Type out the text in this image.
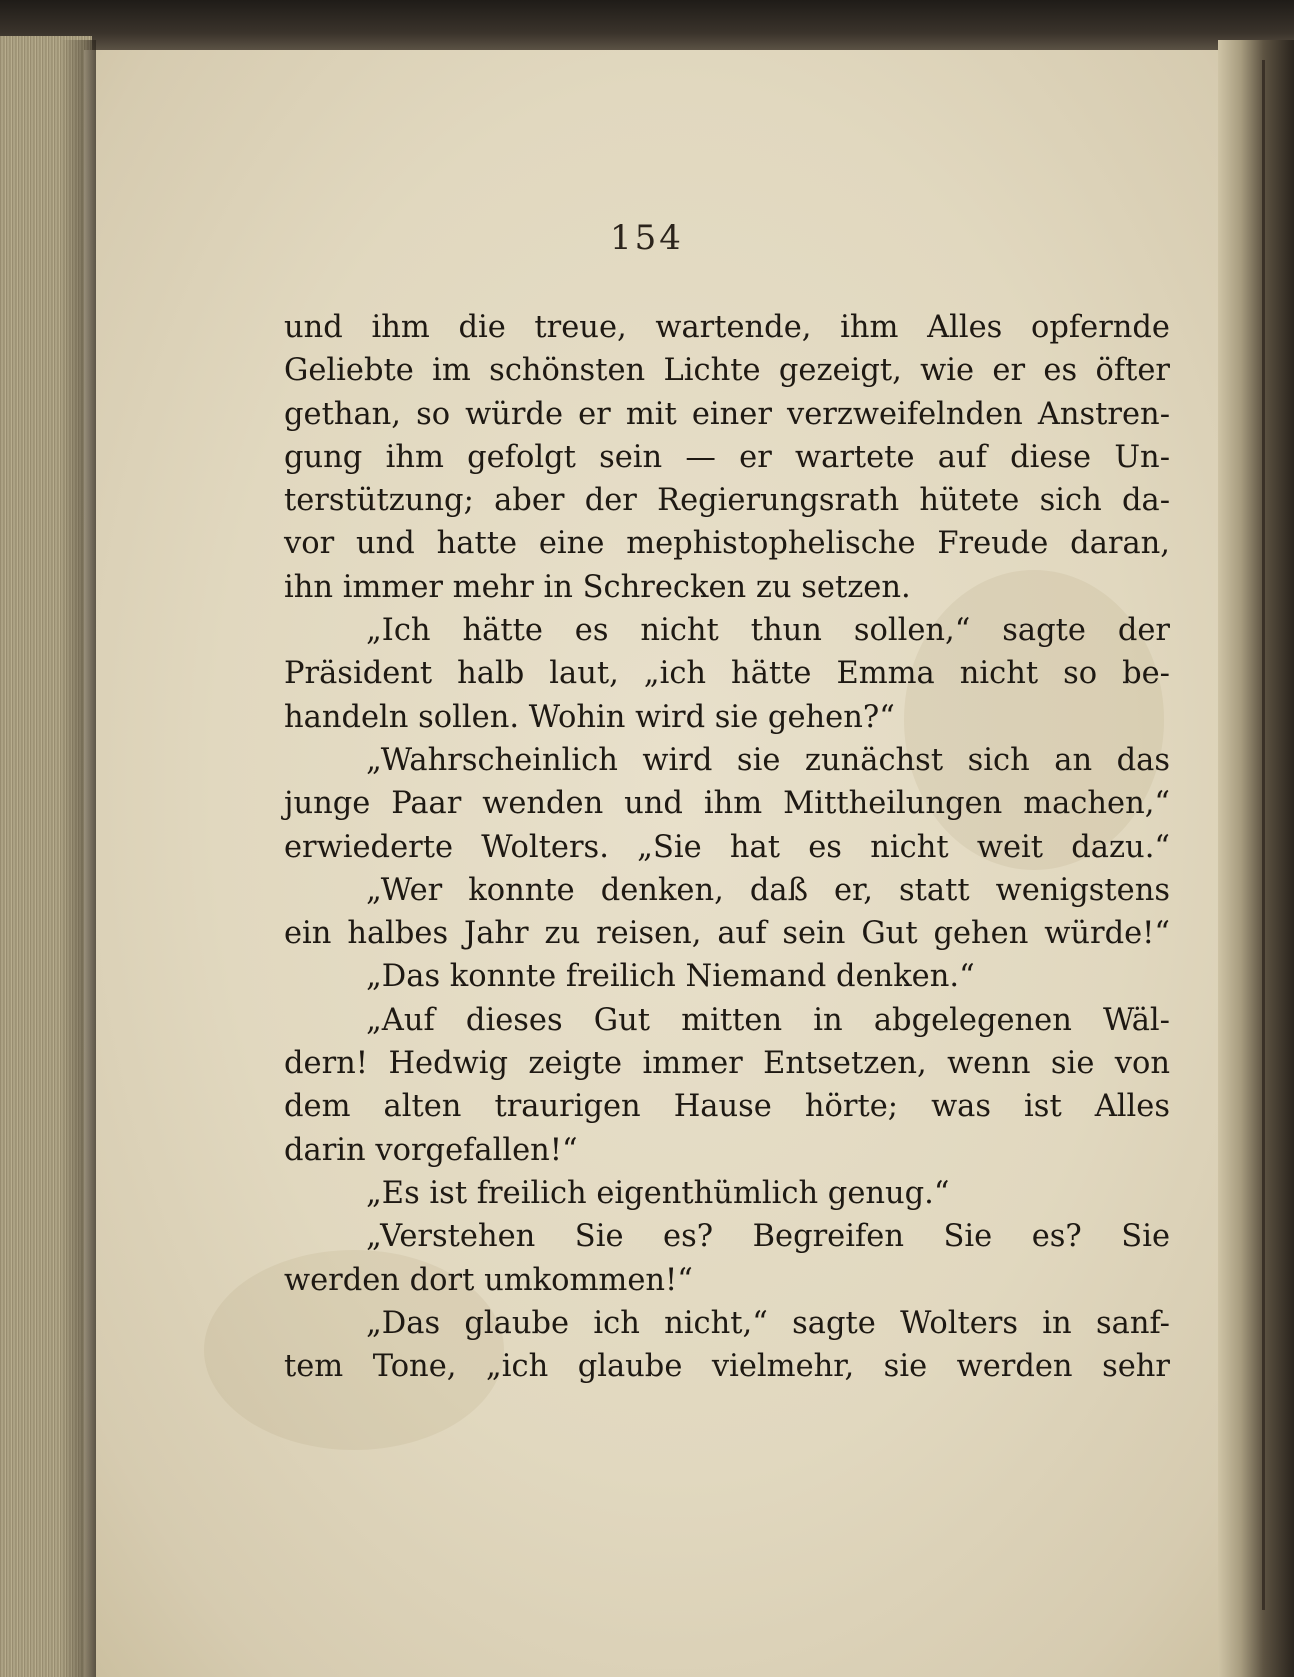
154
und ihm die treue, wartende, ihm Alles opfernde
Geliebte im schönsten Lichte gezeigt, wie er es öfter
gethan, so würde er mit einer verzweifelnden Anstren-
gung ihm gefolgt sein — er wartete auf diese Un-
terstützung; aber der Regierungsrath hütete sich da-
vor und hatte eine mephistophelische Freude daran,
ihn immer mehr in Schrecken zu setzen.
„Ich hätte es nicht thun sollen,“ sagte der
Präsident halb laut, „ich hätte Emma nicht so be-
handeln sollen. Wohin wird sie gehen?“
„Wahrscheinlich wird sie zunächst sich an das
junge Paar wenden und ihm Mittheilungen machen,“
erwiederte Wolters. „Sie hat es nicht weit dazu.“
„Wer konnte denken, daß er, statt wenigstens
ein halbes Jahr zu reisen, auf sein Gut gehen würde!“
„Das konnte freilich Niemand denken.“
„Auf dieses Gut mitten in abgelegenen Wäl-
dern! Hedwig zeigte immer Entsetzen, wenn sie von
dem alten traurigen Hause hörte; was ist Alles
darin vorgefallen!“
„Es ist freilich eigenthümlich genug.“
„Verstehen Sie es? Begreifen Sie es? Sie
werden dort umkommen!“
„Das glaube ich nicht,“ sagte Wolters in sanf-
tem Tone, „ich glaube vielmehr, sie werden sehr
